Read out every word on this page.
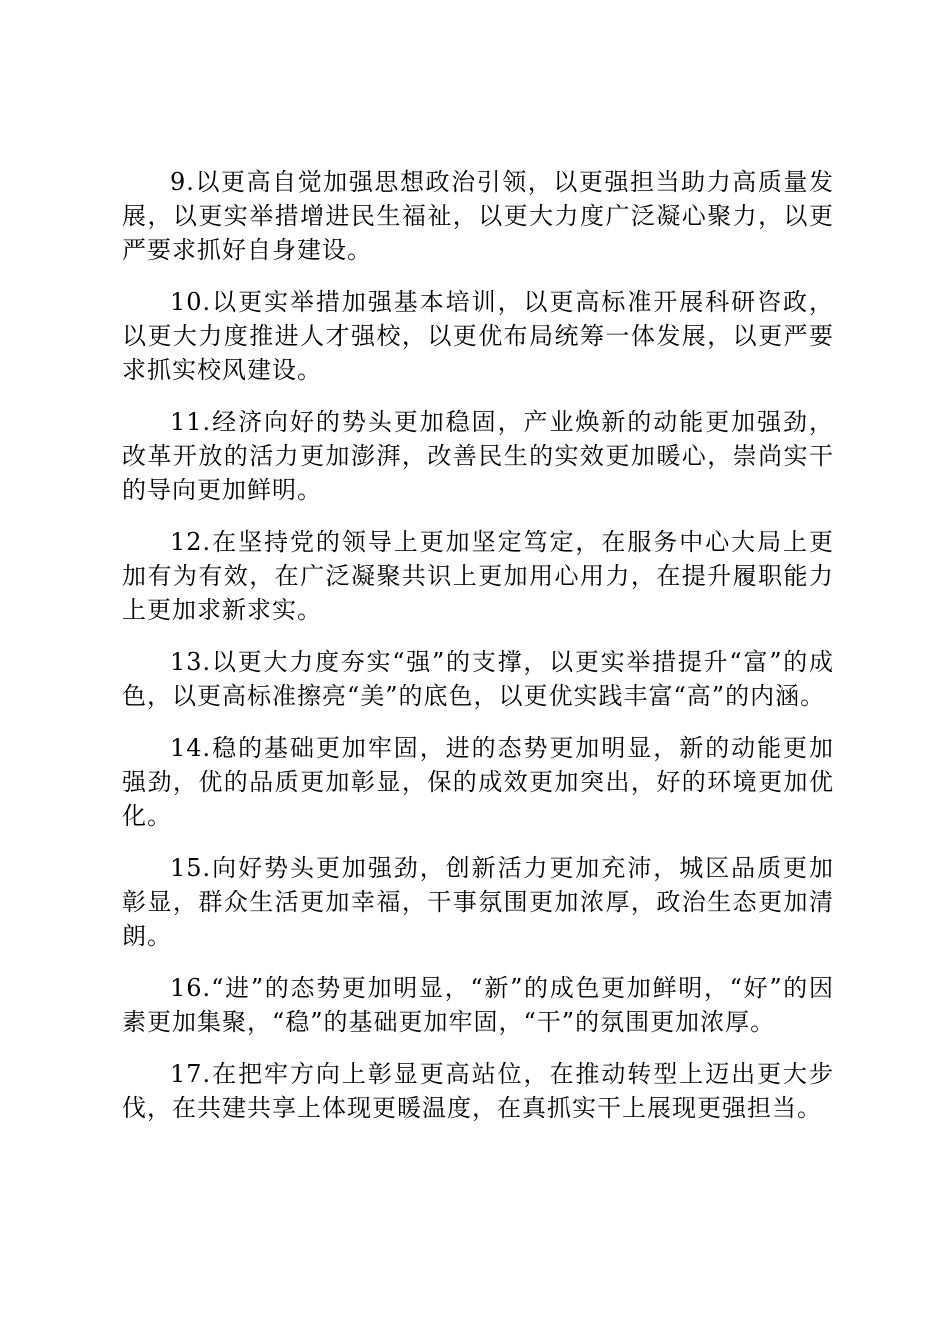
9.以更高自觉加强思想政治引领，以更强担当助力高质量发展，以更实举措增进民生福祉，以更大力度广泛凝心聚力，以更严要求抓好自身建设。

10.以更实举措加强基本培训，以更高标准开展科研咨政，以更大力度推进人才强校，以更优布局统筹一体发展，以更严要求抓实校风建设。

11.经济向好的势头更加稳固，产业焕新的动能更加强劲，改革开放的活力更加澎湃，改善民生的实效更加暖心，崇尚实干的导向更加鲜明。

12.在坚持党的领导上更加坚定笃定，在服务中心大局上更加有为有效，在广泛凝聚共识上更加用心用力，在提升履职能力上更加求新求实。

13.以更大力度夯实“强”的支撑，以更实举措提升“富”的成色，以更高标准擦亮“美”的底色，以更优实践丰富“高”的内涵。

14.稳的基础更加牢固，进的态势更加明显，新的动能更加强劲，优的品质更加彰显，保的成效更加突出，好的环境更加优化。

15.向好势头更加强劲，创新活力更加充沛，城区品质更加彰显，群众生活更加幸福，干事氛围更加浓厚，政治生态更加清朗。

16.“进”的态势更加明显，“新”的成色更加鲜明，“好”的因素更加集聚，“稳”的基础更加牢固，“干”的氛围更加浓厚。

17.在把牢方向上彰显更高站位，在推动转型上迈出更大步伐，在共建共享上体现更暖温度，在真抓实干上展现更强担当。
